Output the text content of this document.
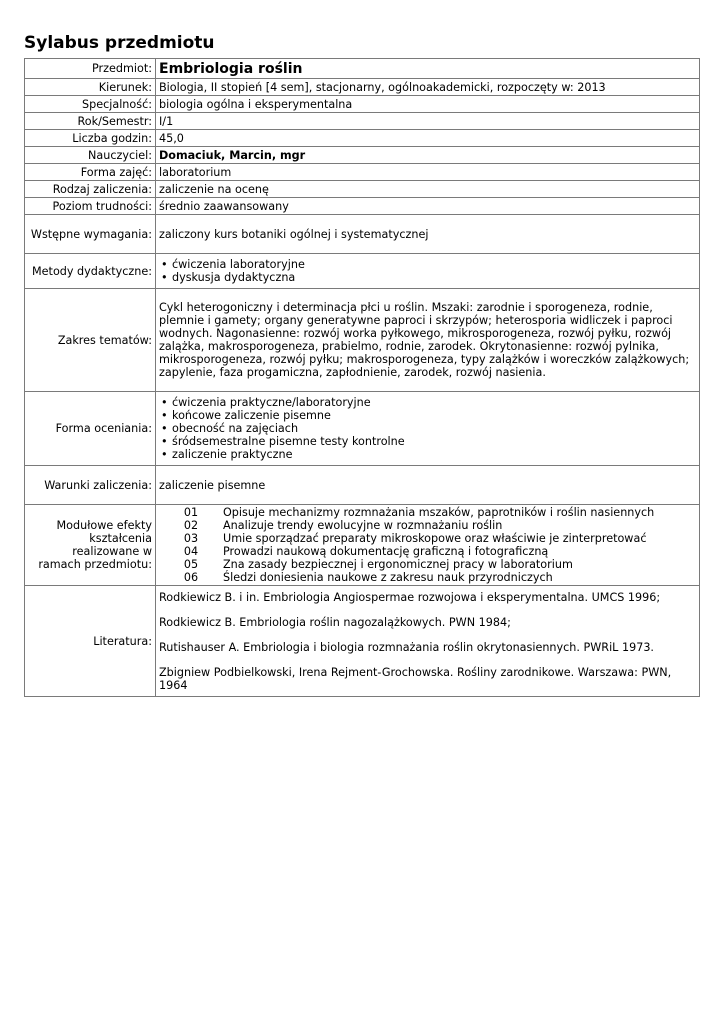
Sylabus przedmiotu
Przedmiot:	Embriologia roślin
Kierunek:	Biologia, II stopień [4 sem], stacjonarny, ogólnoakademicki, rozpoczęty w: 2013
Specjalność:	biologia ogólna i eksperymentalna
Rok/Semestr:	I/1
Liczba godzin:	45,0
Nauczyciel:	Domaciuk, Marcin, mgr
Forma zajęć:	laboratorium
Rodzaj zaliczenia:	zaliczenie na ocenę
Poziom trudności:	średnio zaawansowany
Wstępne wymagania:	zaliczony kurs botaniki ogólnej i systematycznej
Metody dydaktyczne:	
•ćwiczenia laboratoryjne
• dyskusja dydaktyczna

Zakres tematów:	Cykl heterogoniczny i determinacja płci u roślin. Mszaki: zarodnie i sporogeneza, rodnie, plemnie i gamety; organy generatywne paproci i skrzypów; heterosporia widliczek i paproci wodnych. Nagonasienne: rozwój worka pyłkowego, mikrosporogeneza, rozwój pyłku, rozwój zalążka, makrosporogeneza, prabielmo, rodnie, zarodek. Okrytonasienne: rozwój pylnika, mikrosporogeneza, rozwój pyłku; makrosporogeneza, typy zalążków i woreczków zalążkowych; zapylenie, faza progamiczna, zapłodnienie, zarodek, rozwój nasienia.
Forma oceniania:	
• ćwiczenia praktyczne/laboratoryjne
• końcowe zaliczenie pisemne
• obecność na zajęciach
• śródsemestralne pisemne testy kontrolne
• zaliczenie praktyczne

Warunki zaliczenia:	zaliczenie pisemne
Modułowe efekty kształcenia realizowane w ramach przedmiotu:	
01	Opisuje mechanizmy rozmnażania mszaków, paprotników i roślin nasiennych
02	Analizuje trendy ewolucyjne w rozmnażaniu roślin
03	Umie sporządzać preparaty mikroskopowe oraz właściwie je zinterpretować
04	Prowadzi naukową dokumentację graficzną i fotograficzną
05	Zna zasady bezpiecznej i ergonomicznej pracy w laboratorium
06	Śledzi doniesienia naukowe z zakresu nauk przyrodniczych

Literatura:	

Rodkiewicz B. i in. Embriologia Angiospermae rozwojowa i eksperymentalna. UMCS 1996;

Rodkiewicz B. Embriologia roślin nagozalążkowych. PWN 1984;

Rutishauser A. Embriologia i biologia rozmnażania roślin okrytonasiennych. PWRiL 1973.

Zbigniew Podbielkowski, Irena Rejment-Grochowska. Rośliny zarodnikowe. Warszawa: PWN, 1964
